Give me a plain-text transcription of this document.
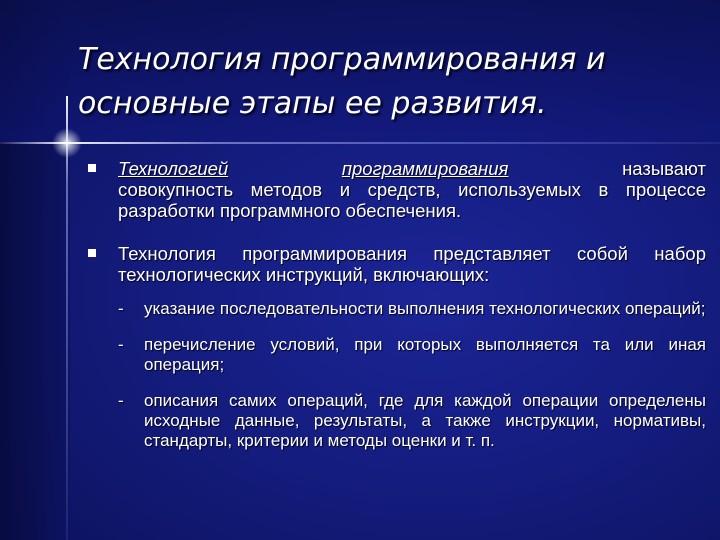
Технология программирования и основные этапы ее развития.
Технологией	программирования	называют
совокупность методов и средств, используемых в процессе разработки программного обеспечения.
Технология программирования представляет собой набор технологических инструкций, включающих:
- указание последовательности выполнения технологических операций;
- перечисление условий, при которых выполняется та или иная операция;
- описания самих операций, где для каждой операции определены исходные данные, результаты, а также инструкции, нормативы, стандарты, критерии и методы оценки и т. п.
